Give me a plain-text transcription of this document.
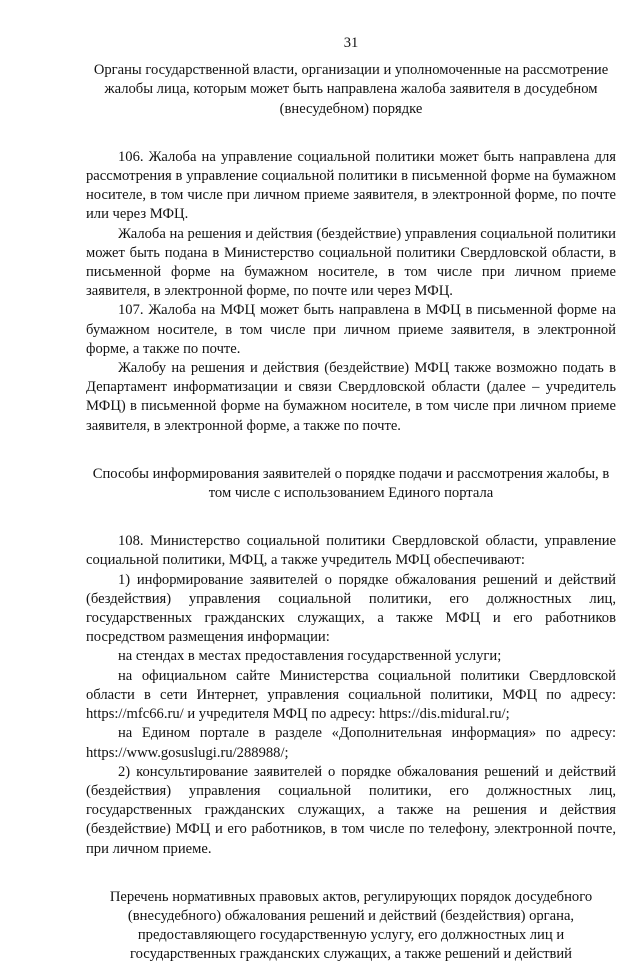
31
Органы государственной власти, организации и уполномоченные на рассмотрение жалобы лица, которым может быть направлена жалоба заявителя в досудебном (внесудебном) порядке

106. Жалоба на управление социальной политики может быть направлена для рассмотрения в управление социальной политики в письменной форме на бумажном носителе, в том числе при личном приеме заявителя, в электронной форме, по почте или через МФЦ.

Жалоба на решения и действия (бездействие) управления социальной политики может быть подана в Министерство социальной политики Свердловской области, в письменной форме на бумажном носителе, в том числе при личном приеме заявителя, в электронной форме, по почте или через МФЦ.

107. Жалоба на МФЦ может быть направлена в МФЦ в письменной форме на бумажном носителе, в том числе при личном приеме заявителя, в электронной форме, а также по почте.

Жалобу на решения и действия (бездействие) МФЦ также возможно подать в Департамент информатизации и связи Свердловской области (далее – учредитель МФЦ) в письменной форме на бумажном носителе, в том числе при личном приеме заявителя, в электронной форме, а также по почте.

Способы информирования заявителей о порядке подачи и рассмотрения жалобы, в том числе с использованием Единого портала

108. Министерство социальной политики Свердловской области, управление социальной политики, МФЦ, а также учредитель МФЦ обеспечивают:

1) информирование заявителей о порядке обжалования решений и действий (бездействия) управления социальной политики, его должностных лиц, государственных гражданских служащих, а также МФЦ и его работников посредством размещения информации:

на стендах в местах предоставления государственной услуги;

на официальном сайте Министерства социальной политики Свердловской области в сети Интернет, управления социальной политики, МФЦ по адресу: https://mfc66.ru/ и учредителя МФЦ по адресу: https://dis.midural.ru/;

на Едином портале в разделе «Дополнительная информация» по адресу: https://www.gosuslugi.ru/288988/;

2) консультирование заявителей о порядке обжалования решений и действий (бездействия) управления социальной политики, его должностных лиц, государственных гражданских служащих, а также на решения и действия (бездействие) МФЦ и его работников, в том числе по телефону, электронной почте, при личном приеме.

Перечень нормативных правовых актов, регулирующих порядок досудебного (внесудебного) обжалования решений и действий (бездействия) органа, предоставляющего государственную услугу, его должностных лиц и государственных гражданских служащих, а также решений и действий
